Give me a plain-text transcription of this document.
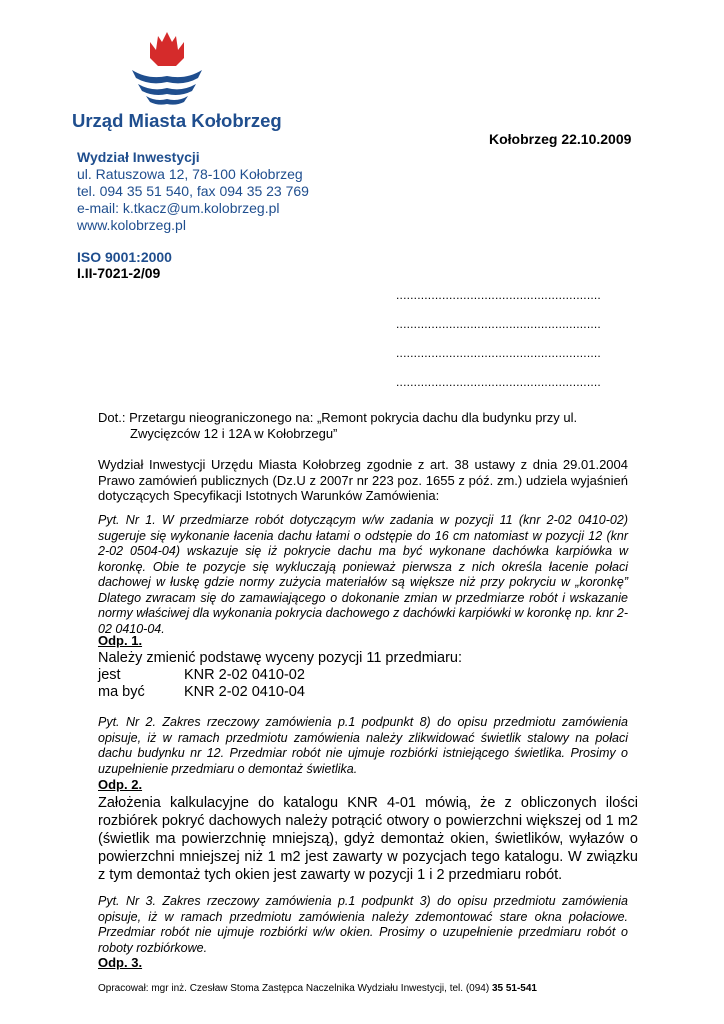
Urząd Miasta Kołobrzeg
Kołobrzeg 22.10.2009
Wydział Inwestycji
ul. Ratuszowa 12, 78-100 Kołobrzeg
tel. 094 35 51 540, fax 094 35 23 769
e-mail: k.tkacz@um.kolobrzeg.pl
www.kolobrzeg.pl
ISO 9001:2000
I.II-7021-2/09
..........................................................
..........................................................
..........................................................
..........................................................
Dot.: Przetargu nieograniczonego na: „Remont pokrycia dachu dla budynku przy ul.
Zwycięzców 12 i 12A w Kołobrzegu”
Wydział Inwestycji Urzędu Miasta Kołobrzeg zgodnie z art. 38 ustawy z dnia 29.01.2004 Prawo zamówień publicznych (Dz.U z 2007r nr 223 poz. 1655 z póź. zm.) udziela wyjaśnień dotyczących Specyfikacji Istotnych Warunków Zamówienia:
Pyt. Nr 1. W przedmiarze robót dotyczącym w/w zadania w pozycji 11 (knr 2-02 0410-02) sugeruje się wykonanie łacenia dachu łatami o odstępie do 16 cm natomiast w pozycji 12 (knr 2-02 0504-04) wskazuje się iż pokrycie dachu ma być wykonane dachówka karpiówka w koronkę. Obie te pozycje się wykluczają ponieważ pierwsza z nich określa łacenie połaci dachowej w łuskę gdzie normy zużycia materiałów są większe niż przy pokryciu w „koronkę” Dlatego zwracam się do zamawiającego o dokonanie zmian w przedmiarze robót i wskazanie normy właściwej dla wykonania pokrycia dachowego z dachówki karpiówki w koronkę np. knr 2-02 0410-04.
Odp. 1.
Należy zmienić podstawę wyceny pozycji 11 przedmiaru:
jest	KNR 2-02 0410-02
ma być	KNR 2-02 0410-04
Pyt. Nr 2. Zakres rzeczowy zamówienia p.1 podpunkt 8) do opisu przedmiotu zamówienia opisuje, iż w ramach przedmiotu zamówienia należy zlikwidować świetlik stalowy na połaci dachu budynku nr 12. Przedmiar robót nie ujmuje rozbiórki istniejącego świetlika. Prosimy o uzupełnienie przedmiaru o demontaż świetlika.
Odp. 2.
Założenia kalkulacyjne do katalogu KNR 4-01 mówią, że z obliczonych ilości rozbiórek pokryć dachowych należy potrącić otwory o powierzchni większej od 1 m2 (świetlik ma powierzchnię mniejszą), gdyż demontaż okien, świetlików, wyłazów o powierzchni mniejszej niż 1 m2 jest zawarty w pozycjach tego katalogu. W związku z tym demontaż tych okien jest zawarty w pozycji 1 i 2 przedmiaru robót.
Pyt. Nr 3. Zakres rzeczowy zamówienia p.1 podpunkt 3) do opisu przedmiotu zamówienia opisuje, iż w ramach przedmiotu zamówienia należy zdemontować stare okna połaciowe. Przedmiar robót nie ujmuje rozbiórki w/w okien. Prosimy o uzupełnienie przedmiaru robót o roboty rozbiórkowe.
Odp. 3.
Opracował: mgr inż. Czesław Stoma Zastępca Naczelnika Wydziału Inwestycji, tel. (094) 35 51-541
